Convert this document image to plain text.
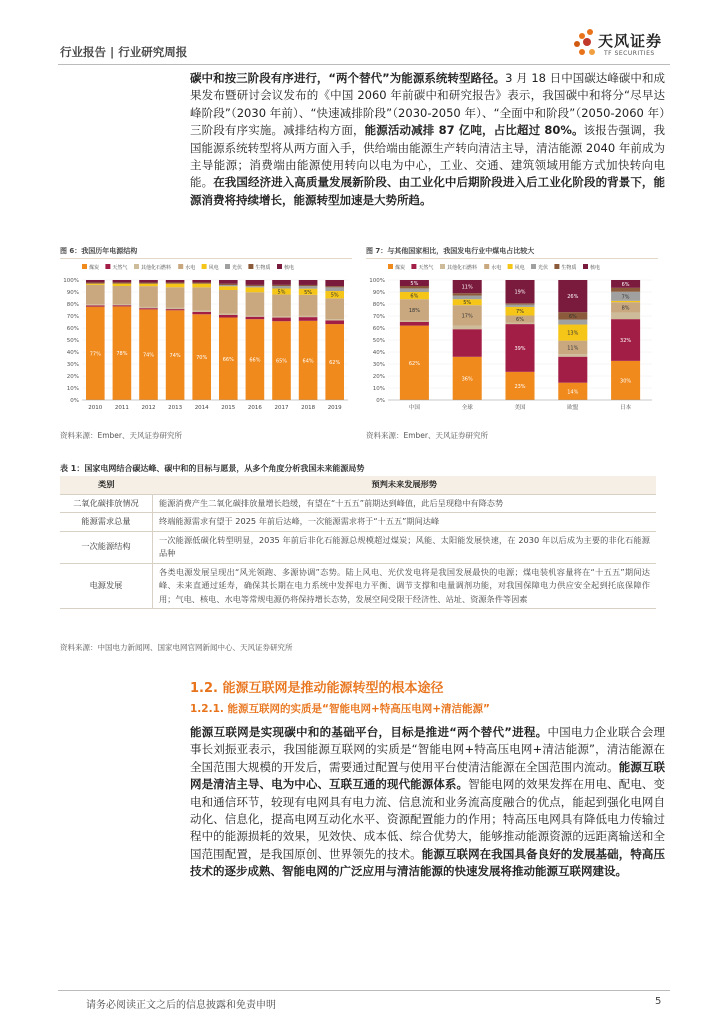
行业报告 | 行业研究周报
天风证券
TF SECURITIES
碳中和按三阶段有序进行，“两个替代”为能源系统转型路径。3 月 18 日中国碳达峰碳中和成果发布暨研讨会议发布的《中国 2060 年前碳中和研究报告》表示，我国碳中和将分“尽早达峰阶段”（2030 年前）、“快速减排阶段”（2030-2050 年）、“全面中和阶段”（2050-2060 年）三阶段有序实施。减排结构方面，能源活动减排 87 亿吨，占比超过 80%。该报告强调，我国能源系统转型将从两方面入手，供给端由能源生产转向清洁主导，清洁能源 2040 年前成为主导能源；消费端由能源使用转向以电为中心，工业、交通、建筑领域用能方式加快转向电能。在我国经济进入高质量发展新阶段、由工业化中后期阶段进入后工业化阶段的背景下，能源消费将持续增长，能源转型加速是大势所趋。
图 6：我国历年电源结构
煤炭	天然气	其他化石燃料	水电	风电	光伏	生物质	核电
0%
10%
20%
30%
40%
50%
60%
70%
80%
90%
100%
77%
2010
78%
2011
74%
2012
74%
2013
70%
2014
66%
2015
66%
2016
65%
5%
2017
64%
5%
2018
62%
5%
2019
资料来源：Ember、天风证券研究所
图 7：与其他国家相比，我国发电行业中煤电占比较大
煤炭	天然气	其他化石燃料	水电	风电	光伏	生物质	核电
0%
10%
20%
30%
40%
50%
60%
70%
80%
90%
100%
62%
18%
6%
5%
中国
36%
17%
5%
11%
全球
23%
39%
6%
7%
19%
美国
14%
11%
13%
6%
26%
欧盟
30%
32%
8%
7%
6%
日本
资料来源：Ember、天风证券研究所
表 1：国家电网结合碳达峰、碳中和的目标与愿景，从多个角度分析我国未来能源局势
类别	预判未来发展形势
二氧化碳排放情况	能源消费产生二氧化碳排放量增长趋缓，有望在“十五五”前期达到峰值，此后呈现稳中有降态势
能源需求总量	终端能源需求有望于 2025 年前后达峰，一次能源需求将于“十五五”期间达峰
一次能源结构	一次能源低碳化转型明显，2035 年前后非化石能源总规模超过煤炭；风能、太阳能发展快速，在 2030 年以后成为主要的非化石能源品种
电源发展	各类电源发展呈现出“风光领跑、多源协调”态势。陆上风电、光伏发电将是我国发展最快的电源；煤电装机容量将在“十五五”期间达峰、未来直通过延寿，确保其长期在电力系统中发挥电力平衡、调节支撑和电量调剂功能，对我国保障电力供应安全起到托底保障作用；气电、核电、水电等常规电源仍将保持增长态势，发展空间受限于经济性、站址、资源条件等因素
资料来源：中国电力新闻网、国家电网官网新闻中心、天风证券研究所
1.2. 能源互联网是推动能源转型的根本途径
1.2.1. 能源互联网的实质是“智能电网+特高压电网+清洁能源”
能源互联网是实现碳中和的基础平台，目标是推进“两个替代”进程。中国电力企业联合会理事长刘振亚表示，我国能源互联网的实质是“智能电网+特高压电网+清洁能源”，清洁能源在全国范围大规模的开发后，需要通过配置与使用平台使清洁能源在全国范围内流动。能源互联网是清洁主导、电为中心、互联互通的现代能源体系。智能电网的效果发挥在用电、配电、变电和通信环节，较现有电网具有电力流、信息流和业务流高度融合的优点，能起到强化电网自动化、信息化，提高电网互动化水平、资源配置能力的作用；特高压电网具有降低电力传输过程中的能源损耗的效果，见效快、成本低、综合优势大，能够推动能源资源的远距离输送和全国范围配置，是我国原创、世界领先的技术。能源互联网在我国具备良好的发展基础，特高压技术的逐步成熟、智能电网的广泛应用与清洁能源的快速发展将推动能源互联网建设。
请务必阅读正文之后的信息披露和免责申明	5
